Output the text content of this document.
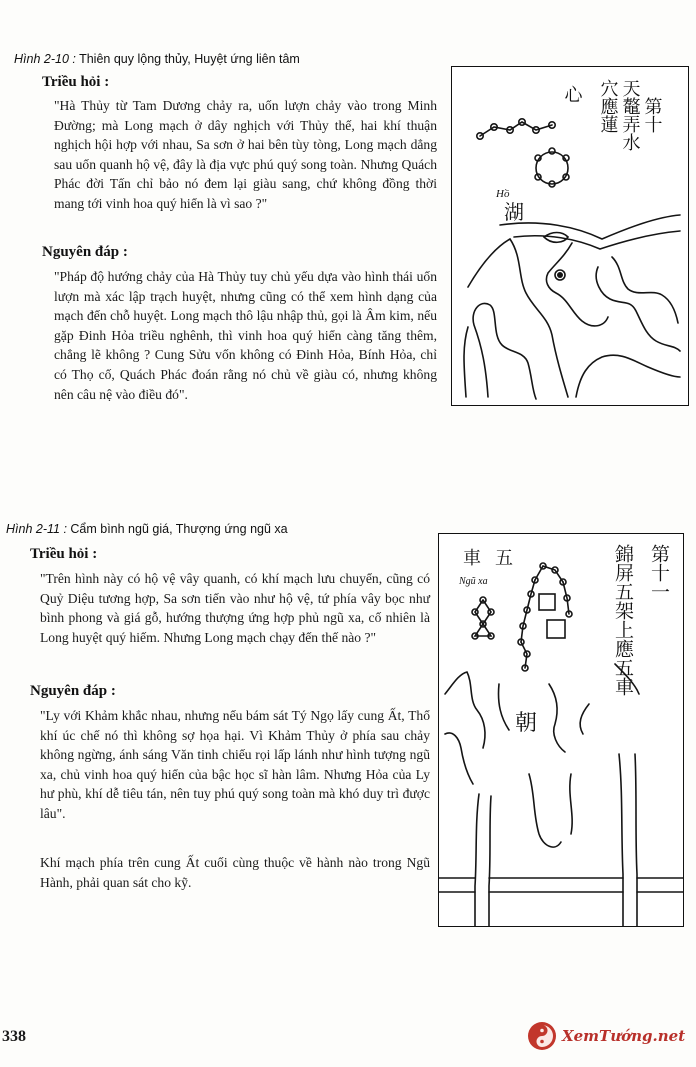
Hình 2-10 : Thiên quy lộng thủy, Huyệt ứng liên tâm
Triều hỏi :
"Hà Thủy từ Tam Dương chảy ra, uốn lượn chảy vào trong Minh Đường; mà Long mạch ở dây nghịch với Thủy thế, hai khí thuận nghịch hội hợp với nhau, Sa sơn ở hai bên tùy tòng, Long mạch dẳng sau uốn quanh hộ vệ, đây là địa vực phú quý song toàn. Nhưng Quách Phác đời Tấn chỉ bảo nó đem lại giàu sang, chứ không đồng thời mang tới vinh hoa quý hiển là vì sao ?"
Nguyên đáp :
"Pháp độ hướng chảy của Hà Thủy tuy chủ yếu dựa vào hình thái uốn lượn mà xác lập trạch huyệt, nhưng cũng có thể xem hình dạng của mạch đến chỗ huyệt. Long mạch thô lậu nhập thủ, gọi là Âm kim, nếu gặp Đinh Hỏa triều nghênh, thì vinh hoa quý hiển càng tăng thêm, chẳng lẽ không ? Cung Sửu vốn không có Đinh Hỏa, Bính Hỏa, chỉ có Thọ cố, Quách Phác đoán rằng nó chủ về giàu có, nhưng không nên câu nệ vào điều đó".
第十
天鼇弄水
穴應蓮
心
Hồ
湖
Hình 2-11 : Cẩm bình ngũ giá, Thượng ứng ngũ xa
Triều hỏi :
"Trên hình này có hộ vệ vây quanh, có khí mạch lưu chuyển, cũng có Quỷ Diệu tương hợp, Sa sơn tiến vào như hộ vệ, tứ phía vây bọc như bình phong và giá gỗ, hướng thượng ứng hợp phủ ngũ xa, cố nhiên là Long huyệt quý hiếm. Nhưng Long mạch chạy đến thế nào ?"
Nguyên đáp :
"Ly với Khảm khắc nhau, nhưng nếu bám sát Tý Ngọ lấy cung Ất, Thổ khí úc chế nó thì không sợ họa hại. Vì Khảm Thủy ở phía sau chảy không ngừng, ánh sáng Văn tinh chiếu rọi lấp lánh như hình tượng ngũ xa, chủ vinh hoa quý hiển của bậc học sĩ hàn lâm. Nhưng Hỏa của Ly hư phù, khí dễ tiêu tán, nên tuy phú quý song toàn mà khó duy trì được lâu".
Khí mạch phía trên cung Ất cuối cùng thuộc về hành nào trong Ngũ Hành, phải quan sát cho kỹ.
第十一
錦屏五架上應五車
五
車
Ngũ xa
朝
338	XemTướng.net
